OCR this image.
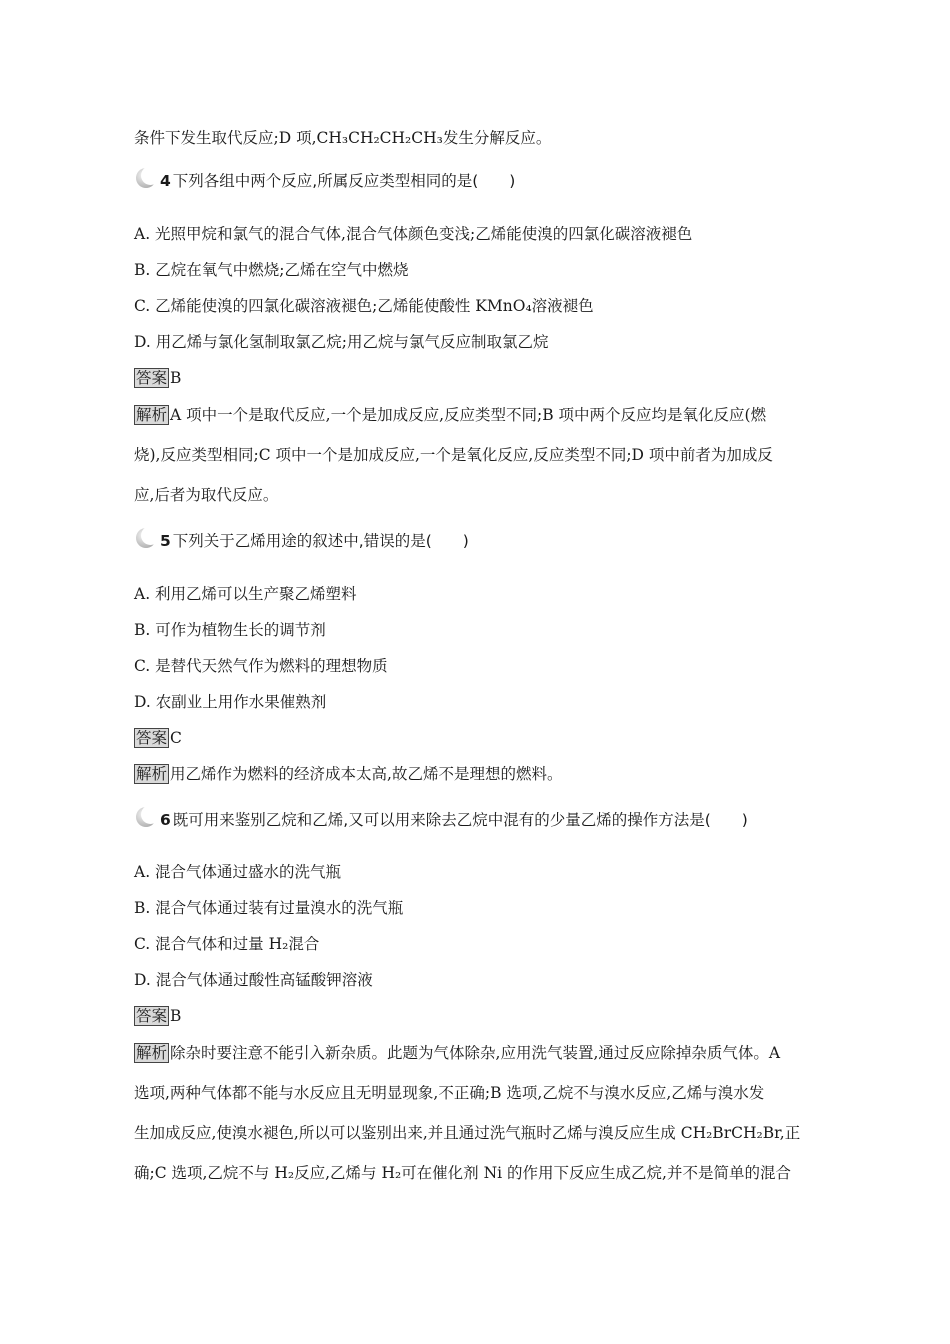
条件下发生取代反应;D 项,CH₃CH₂CH₂CH₃发生分解反应。
4 下列各组中两个反应,所属反应类型相同的是(　　)
A. 光照甲烷和氯气的混合气体,混合气体颜色变浅;乙烯能使溴的四氯化碳溶液褪色
B. 乙烷在氧气中燃烧;乙烯在空气中燃烧
C. 乙烯能使溴的四氯化碳溶液褪色;乙烯能使酸性 KMnO₄溶液褪色
D. 用乙烯与氯化氢制取氯乙烷;用乙烷与氯气反应制取氯乙烷
答案 B
解析 A 项中一个是取代反应,一个是加成反应,反应类型不同;B 项中两个反应均是氧化反应(燃
烧),反应类型相同;C 项中一个是加成反应,一个是氧化反应,反应类型不同;D 项中前者为加成反
应,后者为取代反应。
5 下列关于乙烯用途的叙述中,错误的是(　　)
A. 利用乙烯可以生产聚乙烯塑料
B. 可作为植物生长的调节剂
C. 是替代天然气作为燃料的理想物质
D. 农副业上用作水果催熟剂
答案 C
解析 用乙烯作为燃料的经济成本太高,故乙烯不是理想的燃料。
6 既可用来鉴别乙烷和乙烯,又可以用来除去乙烷中混有的少量乙烯的操作方法是(　　)
A. 混合气体通过盛水的洗气瓶
B. 混合气体通过装有过量溴水的洗气瓶
C. 混合气体和过量 H₂混合
D. 混合气体通过酸性高锰酸钾溶液
答案 B
解析 除杂时要注意不能引入新杂质。此题为气体除杂,应用洗气装置,通过反应除掉杂质气体。A
选项,两种气体都不能与水反应且无明显现象,不正确;B 选项,乙烷不与溴水反应,乙烯与溴水发
生加成反应,使溴水褪色,所以可以鉴别出来,并且通过洗气瓶时乙烯与溴反应生成 CH₂BrCH₂Br,正
确;C 选项,乙烷不与 H₂反应,乙烯与 H₂可在催化剂 Ni 的作用下反应生成乙烷,并不是简单的混合
